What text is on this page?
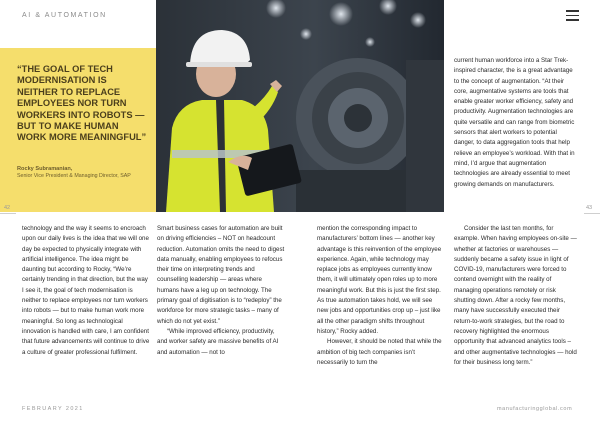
AI & AUTOMATION
“THE GOAL OF TECH MODERNISATION IS NEITHER TO REPLACE EMPLOYEES NOR TURN WORKERS INTO ROBOTS — BUT TO MAKE HUMAN WORK MORE MEANINGFUL”
Rocky Subramanian,
Senior Vice President & Managing Director, SAP
42	43

current human workforce into a Star Trek-inspired character, the is a great advantage to the concept of augmentation. “At their core, augmentative systems are tools that enable greater worker efficiency, safety and productivity. Augmentation technologies are quite versatile and can range from biometric sensors that alert workers to potential danger, to data aggregation tools that help relieve an employee’s workload. With that in mind, I’d argue that augmentation technologies are already essential to meet growing demands on manufacturers.

technology and the way it seems to encroach upon our daily lives is the idea that we will one day be expected to physically integrate with artificial intelligence. The idea might be daunting but according to Rocky, “We’re certainly trending in that direction, but the way I see it, the goal of tech modernisation is neither to replace employees nor turn workers into robots — but to make human work more meaningful. So long as technological innovation is handled with care, I am confident that future advancements will continue to drive a culture of greater professional fulfilment.

Smart business cases for automation are built on driving efficiencies – NOT on headcount reduction. Automation omits the need to digest data manually, enabling employees to refocus their time on interpreting trends and counselling leadership — areas where humans have a leg up on technology. The primary goal of digitisation is to “redeploy” the workforce for more strategic tasks – many of which do not yet exist.”

“While improved efficiency, productivity, and worker safety are massive benefits of AI and automation — not to

mention the corresponding impact to manufacturers’ bottom lines — another key advantage is this reinvention of the employee experience. Again, while technology may replace jobs as employees currently know them, it will ultimately open roles up to more meaningful work. But this is just the first step. As true automation takes hold, we will see new jobs and opportunities crop up – just like all the other paradigm shifts throughout history,” Rocky added.

However, it should be noted that while the ambition of big tech companies isn’t necessarily to turn the

Consider the last ten months, for example. When having employees on-site — whether at factories or warehouses — suddenly became a safety issue in light of COVID-19, manufacturers were forced to contend overnight with the reality of managing operations remotely or risk shutting down. After a rocky few months, many have successfully executed their return-to-work strategies, but the road to recovery highlighted the enormous opportunity that advanced analytics tools – and other augmentative technologies — hold for their business long term.”

FEBRUARY 2021	manufacturingglobal.com
